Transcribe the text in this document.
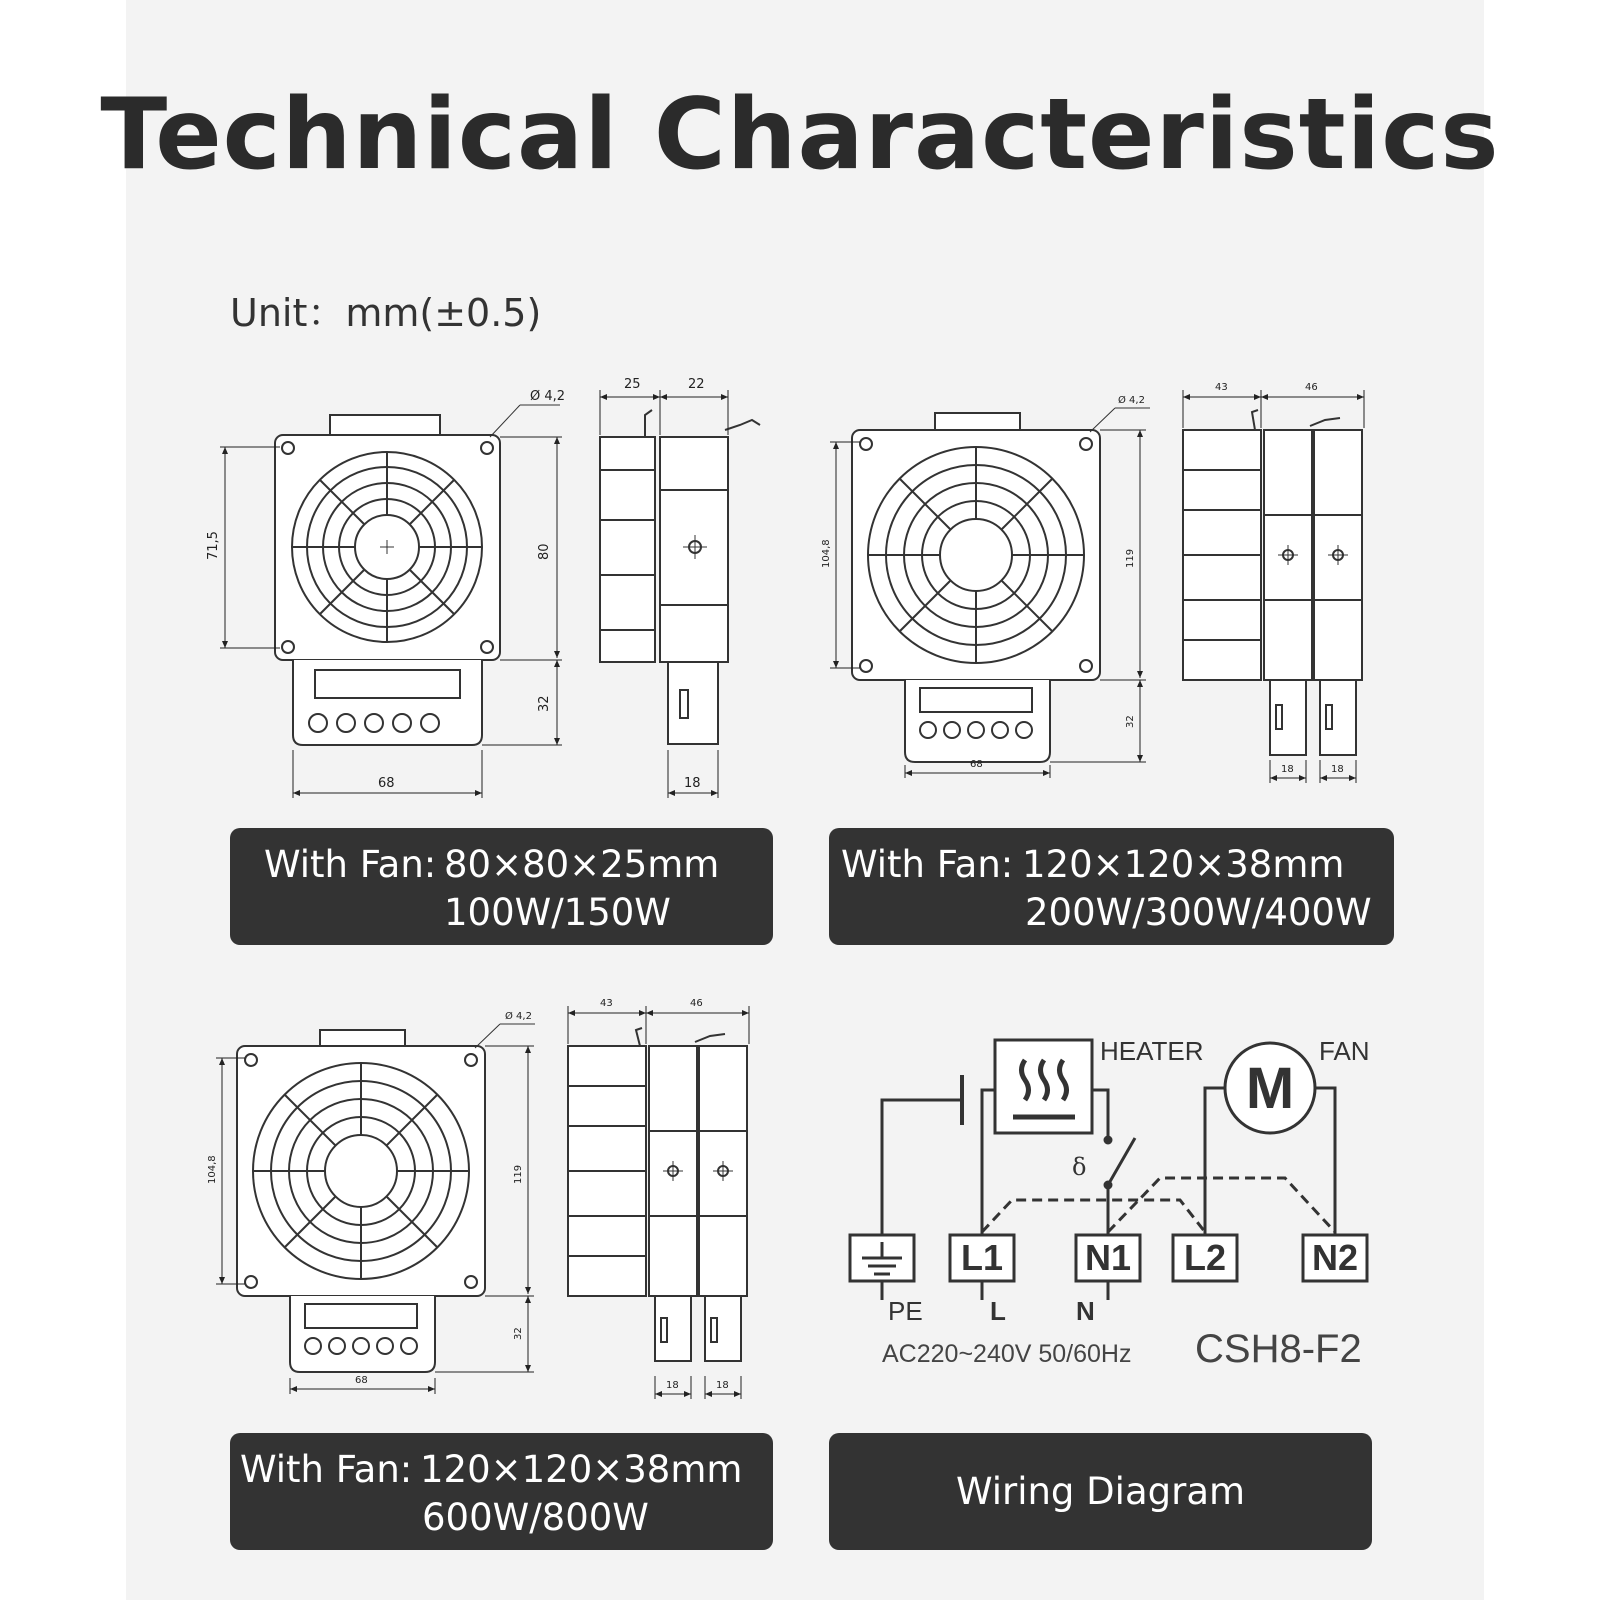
Technical Characteristics
Unit：mm(±0.5)
HEATER	FAN
M
δ
L1 N1 L2 N2
PE	L	N
AC220~240V 50/60Hz CSH8-F2
Ø 4,2
25	22
71,5	80
32
68	18
Ø 4,2
43	46
104,8	119
32
68	18	18
Ø 4,2
43	46
104,8	119
32
68	18	18
With Fan: 80×80×25mm
100W/150W
With Fan: 120×120×38mm
200W/300W/400W
With Fan: 120×120×38mm
600W/800W
Wiring Diagram
